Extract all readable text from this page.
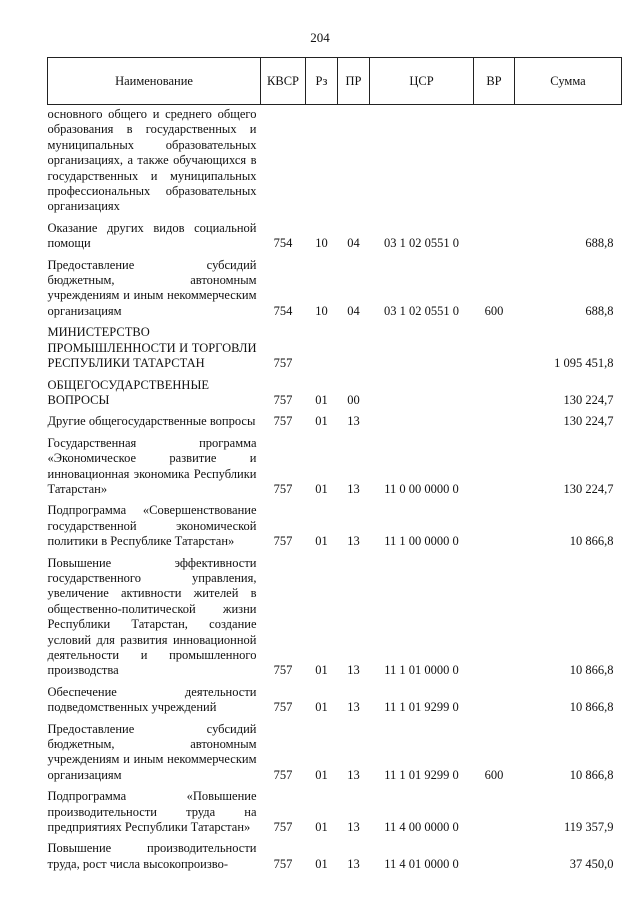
204
Наименование	КВСР	Рз	ПР	ЦСР	ВР	Сумма
основного общего и среднего общего образования в государственных и муниципальных образовательных организациях, а также обучающихся в государственных и муниципальных профессиональных образовательных организациях						
Оказание других видов социальной помощи	754	10	04	03 1 02 0551 0		688,8
Предоставление субсидий бюджетным, автономным учреждениям и иным некоммерческим организациям	754	10	04	03 1 02 0551 0	600	688,8
МИНИСТЕРСТВО ПРОМЫШЛЕННОСТИ И ТОРГОВЛИ РЕСПУБЛИКИ ТАТАРСТАН	757					1 095 451,8
ОБЩЕГОСУДАРСТВЕННЫЕ ВОПРОСЫ	757	01	00			130 224,7
Другие общегосударственные вопросы	757	01	13			130 224,7
Государственная программа «Экономическое развитие и инновационная экономика Республики Татарстан»	757	01	13	11 0 00 0000 0		130 224,7
Подпрограмма «Совершенствование государственной экономической политики в Республике Татарстан»	757	01	13	11 1 00 0000 0		10 866,8
Повышение эффективности государственного управления, увеличение активности жителей в общественно-политической жизни Республики Татарстан, создание условий для развития инновационной деятельности и промышленного производства	757	01	13	11 1 01 0000 0		10 866,8
Обеспечение деятельности подведомственных учреждений	757	01	13	11 1 01 9299 0		10 866,8
Предоставление субсидий бюджетным, автономным учреждениям и иным некоммерческим организациям	757	01	13	11 1 01 9299 0	600	10 866,8
Подпрограмма «Повышение производительности труда на предприятиях Республики Татарстан»	757	01	13	11 4 00 0000 0		119 357,9
Повышение производительности труда, рост числа высокопроизво-	757	01	13	11 4 01 0000 0		37 450,0
